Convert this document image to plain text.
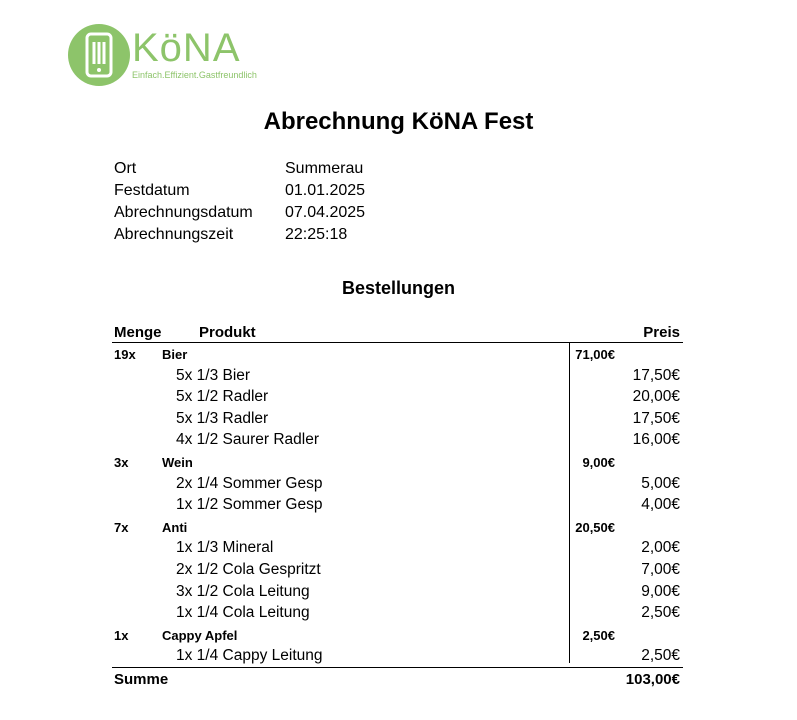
KöNA
Einfach.Effizient.Gastfreundlich
Abrechnung KöNA Fest
Ort	Summerau
Festdatum	01.01.2025
Abrechnungsdatum 07.04.2025
Abrechnungszeit	22:25:18
Bestellungen
Menge Produkt	Preis
19x Bier	71,00€
5x 1/3 Bier	17,50€
5x 1/2 Radler	20,00€
5x 1/3 Radler	17,50€
4x 1/2 Saurer Radler	16,00€
3x	Wein	9,00€
2x 1/4 Sommer Gesp	5,00€
1x 1/2 Sommer Gesp	4,00€
7x	Anti	20,50€
1x 1/3 Mineral	2,00€
2x 1/2 Cola Gespritzt	7,00€
3x 1/2 Cola Leitung	9,00€
1x 1/4 Cola Leitung	2,50€
1x	Cappy Apfel	2,50€
1x 1/4 Cappy Leitung	2,50€
Summe	103,00€
